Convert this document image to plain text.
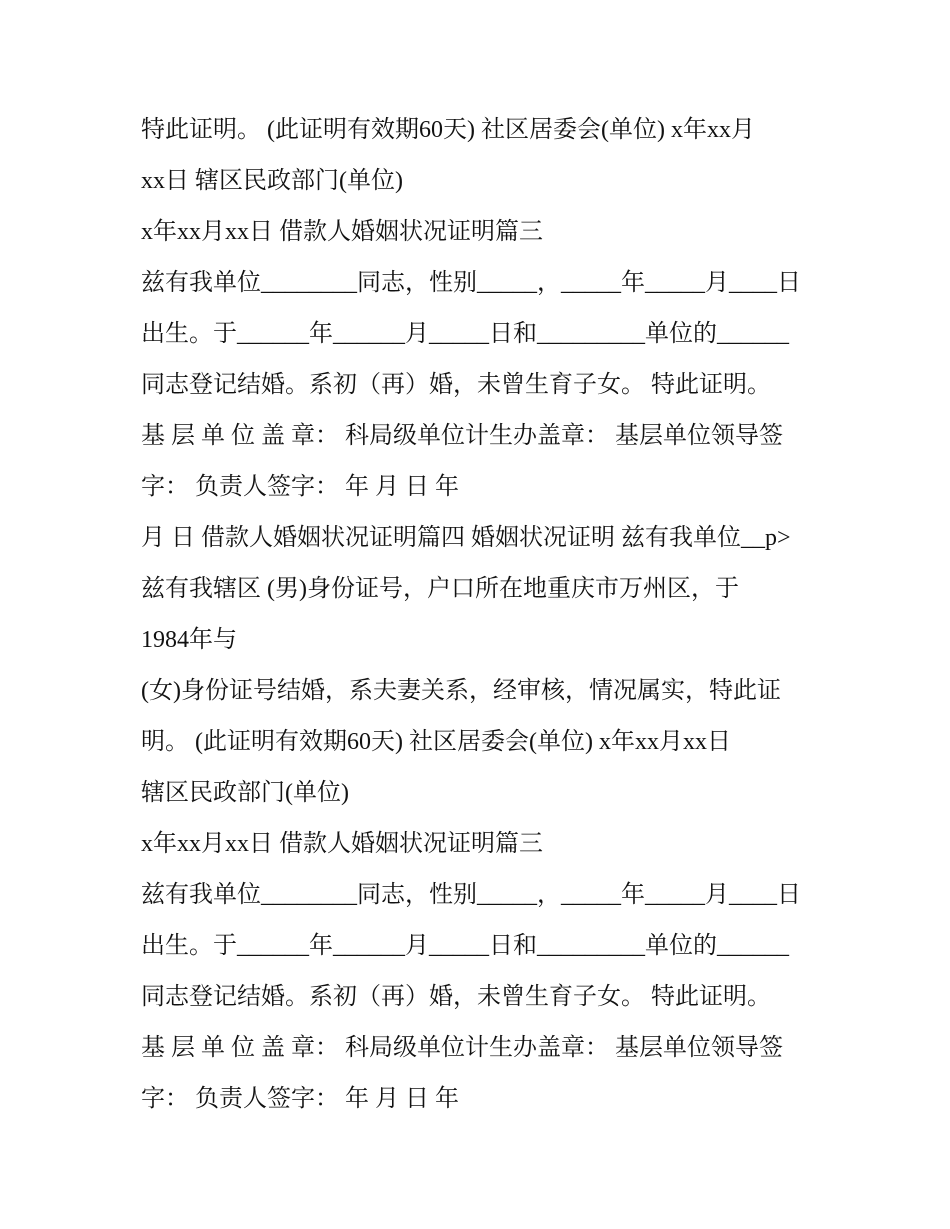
特此证明。 (此证明有效期60天) 社区居委会(单位) x年xx月
xx日 辖区民政部门(单位)
x年xx月xx日 借款人婚姻状况证明篇三
兹有我单位________同志，性别_____，_____年_____月____日
出生。于______年______月_____日和_________单位的______
同志登记结婚。系初（再）婚，未曾生育子女。 特此证明。
基 层 单 位 盖 章： 科局级单位计生办盖章： 基层单位领导签
字： 负责人签字： 年 月 日 年
月 日 借款人婚姻状况证明篇四 婚姻状况证明 兹有我单位__p>
兹有我辖区 (男)身份证号，户口所在地重庆市万州区，于
1984年与
(女)身份证号结婚，系夫妻关系，经审核，情况属实，特此证
明。 (此证明有效期60天) 社区居委会(单位) x年xx月xx日
辖区民政部门(单位)
x年xx月xx日 借款人婚姻状况证明篇三
兹有我单位________同志，性别_____，_____年_____月____日
出生。于______年______月_____日和_________单位的______
同志登记结婚。系初（再）婚，未曾生育子女。 特此证明。
基 层 单 位 盖 章： 科局级单位计生办盖章： 基层单位领导签
字： 负责人签字： 年 月 日 年
